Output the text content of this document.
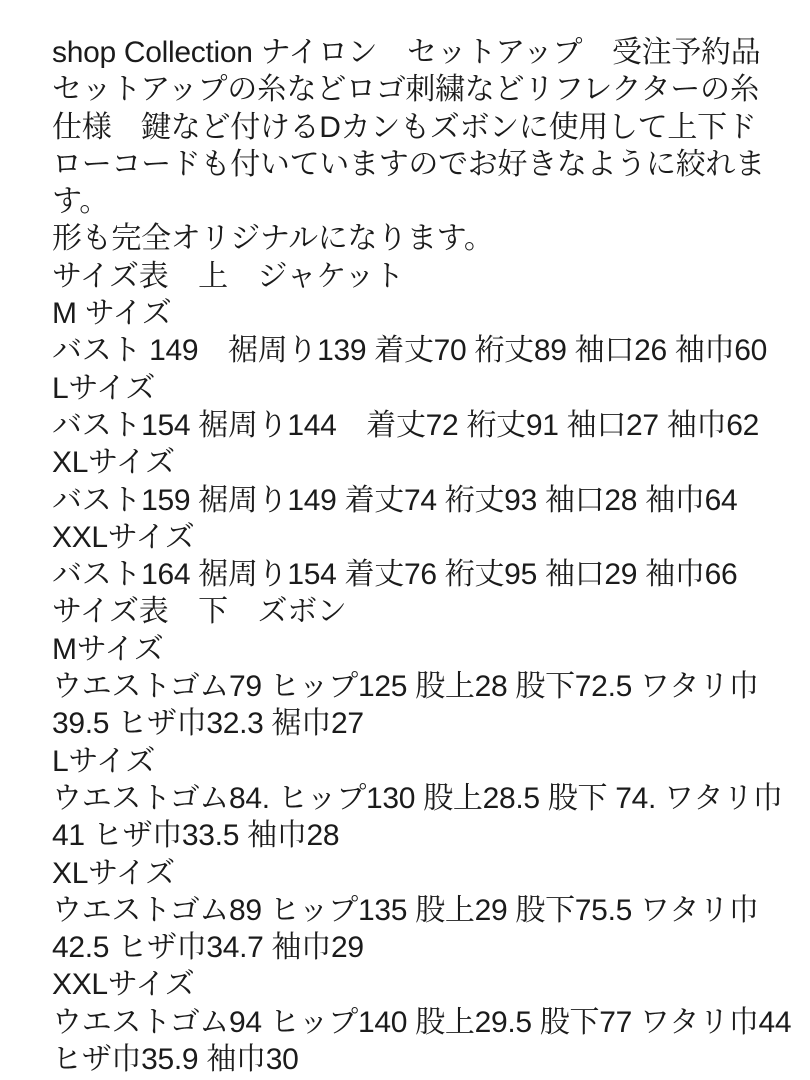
shop Collection ナイロン　セットアップ　受注予約品
セットアップの糸などロゴ刺繍などリフレクターの糸
仕様　鍵など付けるDカンもズボンに使用して上下ド
ローコードも付いていますのでお好きなように絞れま
す。
形も完全オリジナルになります。
サイズ表　上　ジャケット
M サイズ
バスト 149　裾周り139 着丈70 裄丈89 袖口26 袖巾60
Lサイズ
バスト154 裾周り144　着丈72 裄丈91 袖口27 袖巾62
XLサイズ
バスト159 裾周り149 着丈74 裄丈93 袖口28 袖巾64
XXLサイズ
バスト164 裾周り154 着丈76 裄丈95 袖口29 袖巾66
サイズ表　下　ズボン
Mサイズ
ウエストゴム79 ヒップ125 股上28 股下72.5 ワタリ巾
39.5 ヒザ巾32.3 裾巾27
Lサイズ
ウエストゴム84. ヒップ130 股上28.5 股下 74. ワタリ巾
41 ヒザ巾33.5 袖巾28
XLサイズ
ウエストゴム89 ヒップ135 股上29 股下75.5 ワタリ巾
42.5 ヒザ巾34.7 袖巾29
XXLサイズ
ウエストゴム94 ヒップ140 股上29.5 股下77 ワタリ巾44
ヒザ巾35.9 袖巾30
